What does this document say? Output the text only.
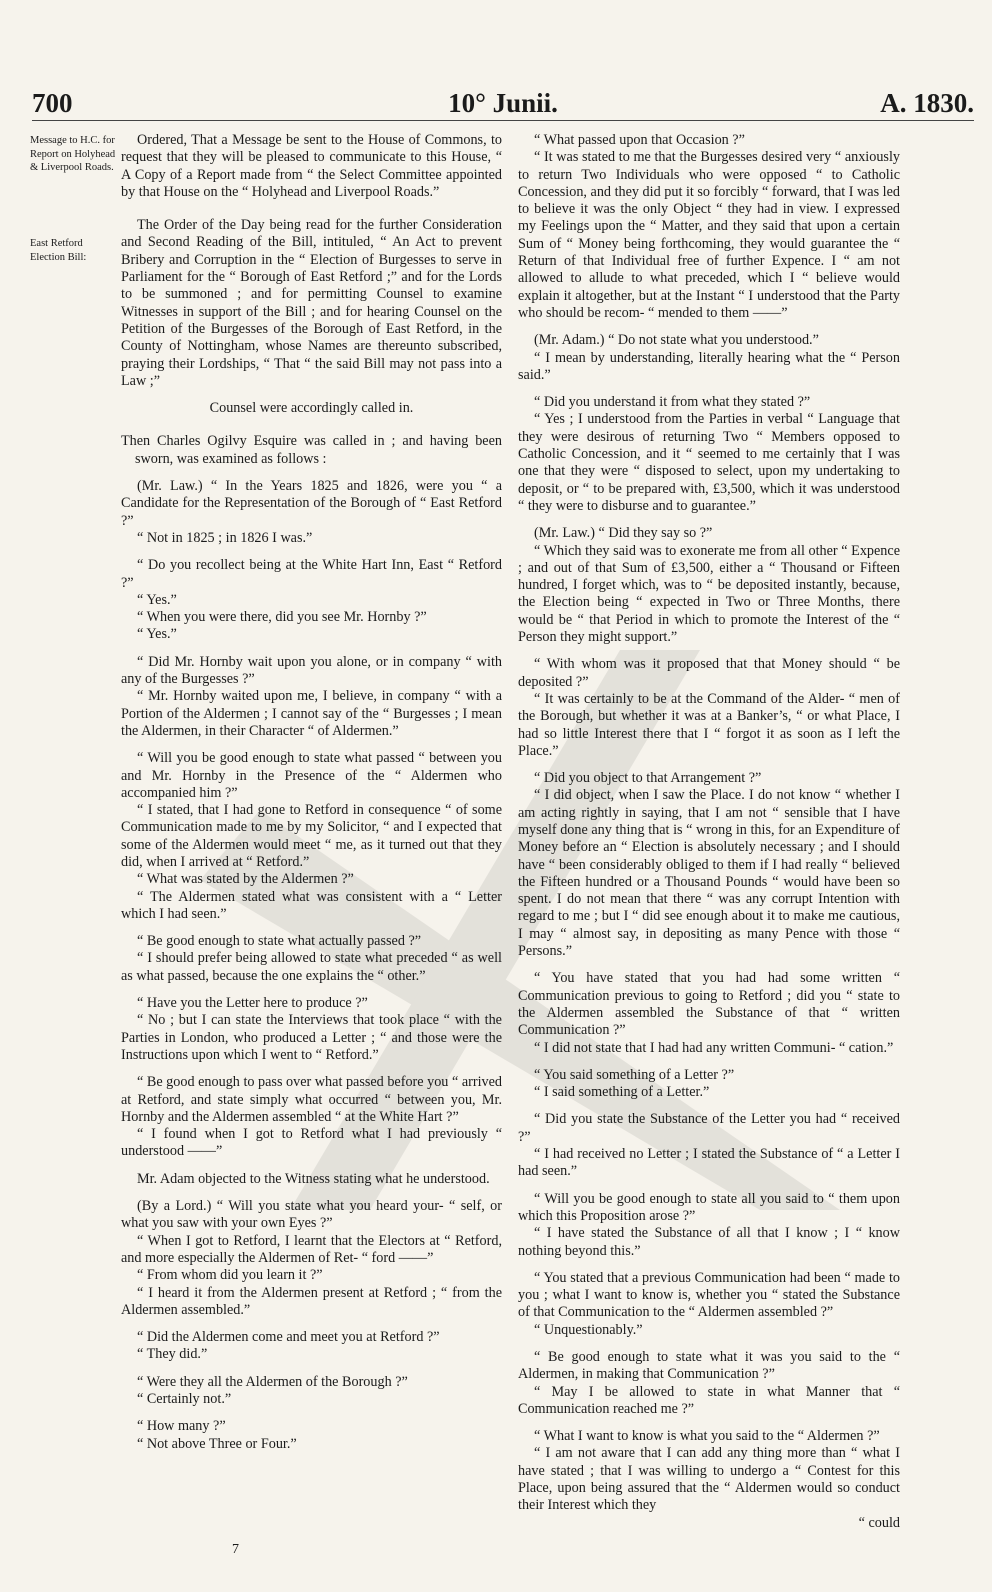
700	10° Junii.	A. 1830.
Message to H.C. for Report on Holyhead & Liverpool Roads.
East Retford Election Bill:

Ordered, That a Message be sent to the House of Commons, to request that they will be pleased to communicate to this House, “ A Copy of a Report made from “ the Select Committee appointed by that House on the “ Holyhead and Liverpool Roads.”

The Order of the Day being read for the further Consideration and Second Reading of the Bill, intituled, “ An Act to prevent Bribery and Corruption in the “ Election of Burgesses to serve in Parliament for the “ Borough of East Retford ;” and for the Lords to be summoned ; and for permitting Counsel to examine Witnesses in support of the Bill ; and for hearing Counsel on the Petition of the Burgesses of the Borough of East Retford, in the County of Nottingham, whose Names are thereunto subscribed, praying their Lordships, “ That “ the said Bill may not pass into a Law ;”

Counsel were accordingly called in.

Then Charles Ogilvy Esquire was called in ; and having been sworn, was examined as follows :

(Mr. Law.) “ In the Years 1825 and 1826, were you “ a Candidate for the Representation of the Borough of “ East Retford ?”

“ Not in 1825 ; in 1826 I was.”

“ Do you recollect being at the White Hart Inn, East “ Retford ?”

“ Yes.”

“ When you were there, did you see Mr. Hornby ?”

“ Yes.”

“ Did Mr. Hornby wait upon you alone, or in company “ with any of the Burgesses ?”

“ Mr. Hornby waited upon me, I believe, in company “ with a Portion of the Aldermen ; I cannot say of the “ Burgesses ; I mean the Aldermen, in their Character “ of Aldermen.”

“ Will you be good enough to state what passed “ between you and Mr. Hornby in the Presence of the “ Aldermen who accompanied him ?”

“ I stated, that I had gone to Retford in consequence “ of some Communication made to me by my Solicitor, “ and I expected that some of the Aldermen would meet “ me, as it turned out that they did, when I arrived at “ Retford.”

“ What was stated by the Aldermen ?”

“ The Aldermen stated what was consistent with a “ Letter which I had seen.”

“ Be good enough to state what actually passed ?”

“ I should prefer being allowed to state what preceded “ as well as what passed, because the one explains the “ other.”

“ Have you the Letter here to produce ?”

“ No ; but I can state the Interviews that took place “ with the Parties in London, who produced a Letter ; “ and those were the Instructions upon which I went to “ Retford.”

“ Be good enough to pass over what passed before you “ arrived at Retford, and state simply what occurred “ between you, Mr. Hornby and the Aldermen assembled “ at the White Hart ?”

“ I found when I got to Retford what I had previously “ understood ——”

Mr. Adam objected to the Witness stating what he understood.

(By a Lord.) “ Will you state what you heard your- “ self, or what you saw with your own Eyes ?”

“ When I got to Retford, I learnt that the Electors at “ Retford, and more especially the Aldermen of Ret- “ ford ——”

“ From whom did you learn it ?”

“ I heard it from the Aldermen present at Retford ; “ from the Aldermen assembled.”

“ Did the Aldermen come and meet you at Retford ?”

“ They did.”

“ Were they all the Aldermen of the Borough ?”

“ Certainly not.”

“ How many ?”

“ Not above Three or Four.”

“ What passed upon that Occasion ?”

“ It was stated to me that the Burgesses desired very “ anxiously to return Two Individuals who were opposed “ to Catholic Concession, and they did put it so forcibly “ forward, that I was led to believe it was the only Object “ they had in view. I expressed my Feelings upon the “ Matter, and they said that upon a certain Sum of “ Money being forthcoming, they would guarantee the “ Return of that Individual free of further Expence. I “ am not allowed to allude to what preceded, which I “ believe would explain it altogether, but at the Instant “ I understood that the Party who should be recom- “ mended to them ——”

(Mr. Adam.) “ Do not state what you understood.”

“ I mean by understanding, literally hearing what the “ Person said.”

“ Did you understand it from what they stated ?”

“ Yes ; I understood from the Parties in verbal “ Language that they were desirous of returning Two “ Members opposed to Catholic Concession, and it “ seemed to me certainly that I was one that they were “ disposed to select, upon my undertaking to deposit, or “ to be prepared with, £3,500, which it was understood “ they were to disburse and to guarantee.”

(Mr. Law.) “ Did they say so ?”

“ Which they said was to exonerate me from all other “ Expence ; and out of that Sum of £3,500, either a “ Thousand or Fifteen hundred, I forget which, was to “ be deposited instantly, because, the Election being “ expected in Two or Three Months, there would be “ that Period in which to promote the Interest of the “ Person they might support.”

“ With whom was it proposed that that Money should “ be deposited ?”

“ It was certainly to be at the Command of the Alder- “ men of the Borough, but whether it was at a Banker’s, “ or what Place, I had so little Interest there that I “ forgot it as soon as I left the Place.”

“ Did you object to that Arrangement ?”

“ I did object, when I saw the Place. I do not know “ whether I am acting rightly in saying, that I am not “ sensible that I have myself done any thing that is “ wrong in this, for an Expenditure of Money before an “ Election is absolutely necessary ; and I should have “ been considerably obliged to them if I had really “ believed the Fifteen hundred or a Thousand Pounds “ would have been so spent. I do not mean that there “ was any corrupt Intention with regard to me ; but I “ did see enough about it to make me cautious, I may “ almost say, in depositing as many Pence with those “ Persons.”

“ You have stated that you had had some written “ Communication previous to going to Retford ; did you “ state to the Aldermen assembled the Substance of that “ written Communication ?”

“ I did not state that I had had any written Communi- “ cation.”

“ You said something of a Letter ?”

“ I said something of a Letter.”

“ Did you state the Substance of the Letter you had “ received ?”

“ I had received no Letter ; I stated the Substance of “ a Letter I had seen.”

“ Will you be good enough to state all you said to “ them upon which this Proposition arose ?”

“ I have stated the Substance of all that I know ; I “ know nothing beyond this.”

“ You stated that a previous Communication had been “ made to you ; what I want to know is, whether you “ stated the Substance of that Communication to the “ Aldermen assembled ?”

“ Unquestionably.”

“ Be good enough to state what it was you said to the “ Aldermen, in making that Communication ?”

“ May I be allowed to state in what Manner that “ Communication reached me ?”

“ What I want to know is what you said to the “ Aldermen ?”

“ I am not aware that I can add any thing more than “ what I have stated ; that I was willing to undergo a “ Contest for this Place, upon being assured that the “ Aldermen would so conduct their Interest which they

“ could

7
